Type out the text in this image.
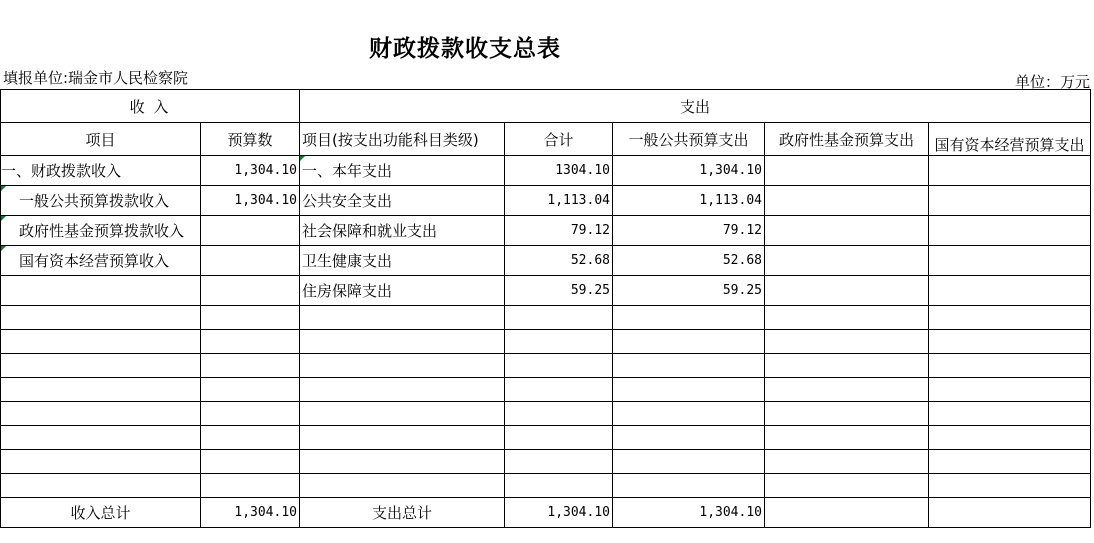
财政拨款收支总表
填报单位:瑞金市人民检察院	单位：万元
收 入		支出				
项目	预算数	项目(按支出功能科目类级)	合计	一般公共预算支出	政府性基金预算支出	国有资本经营预算支出
一、财政拨款收入	1,304.10	一、本年支出	1304.10	1,304.10		
一般公共预算拨款收入	1,304.10	公共安全支出	1,113.04	1,113.04		
政府性基金预算拨款收入		社会保障和就业支出	79.12	79.12		
国有资本经营预算收入		卫生健康支出	52.68	52.68		
		住房保障支出	59.25	59.25		

收入总计	1,304.10	支出总计	1,304.10	1,304.10		
